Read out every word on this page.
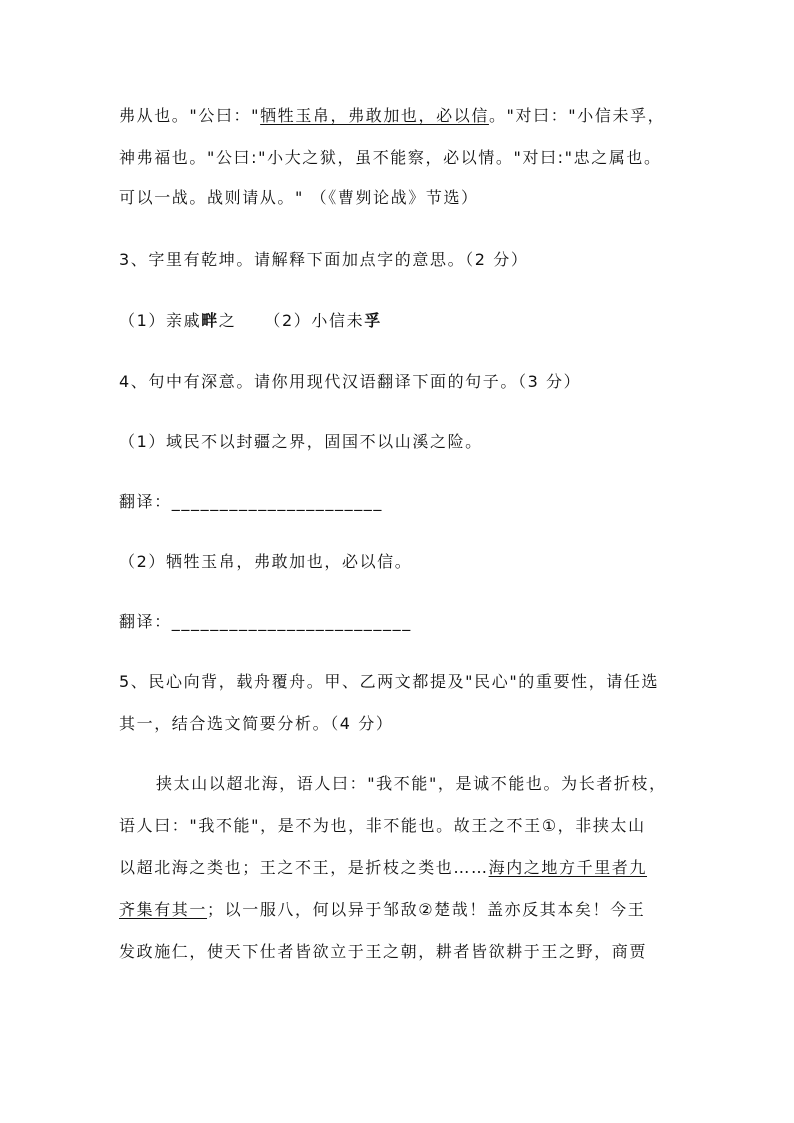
弗从也。"公曰："牺牲玉帛，弗敢加也，必以信。"对曰："小信未孚，
神弗福也。"公曰:"小大之狱，虽不能察，必以情。"对曰:"忠之属也。
可以一战。战则请从。" （《曹刿论战》节选）
3、字里有乾坤。请解释下面加点字的意思。（2 分）
（1）亲戚畔之 （2）小信未孚
4、句中有深意。请你用现代汉语翻译下面的句子。（3 分）
（1）域民不以封疆之界，固国不以山溪之险。
翻译：______________________
（2）牺牲玉帛，弗敢加也，必以信。
翻译：_________________________
5、民心向背，载舟覆舟。甲、乙两文都提及"民心"的重要性，请任选
其一，结合选文简要分析。（4 分）
挟太山以超北海，语人曰："我不能"，是诚不能也。为长者折枝，
语人曰："我不能"，是不为也，非不能也。故王之不王①，非挟太山
以超北海之类也；王之不王，是折枝之类也……海内之地方千里者九
齐集有其一；以一服八，何以异于邹敌②楚哉！盖亦反其本矣！今王
发政施仁，使天下仕者皆欲立于王之朝，耕者皆欲耕于王之野，商贾
